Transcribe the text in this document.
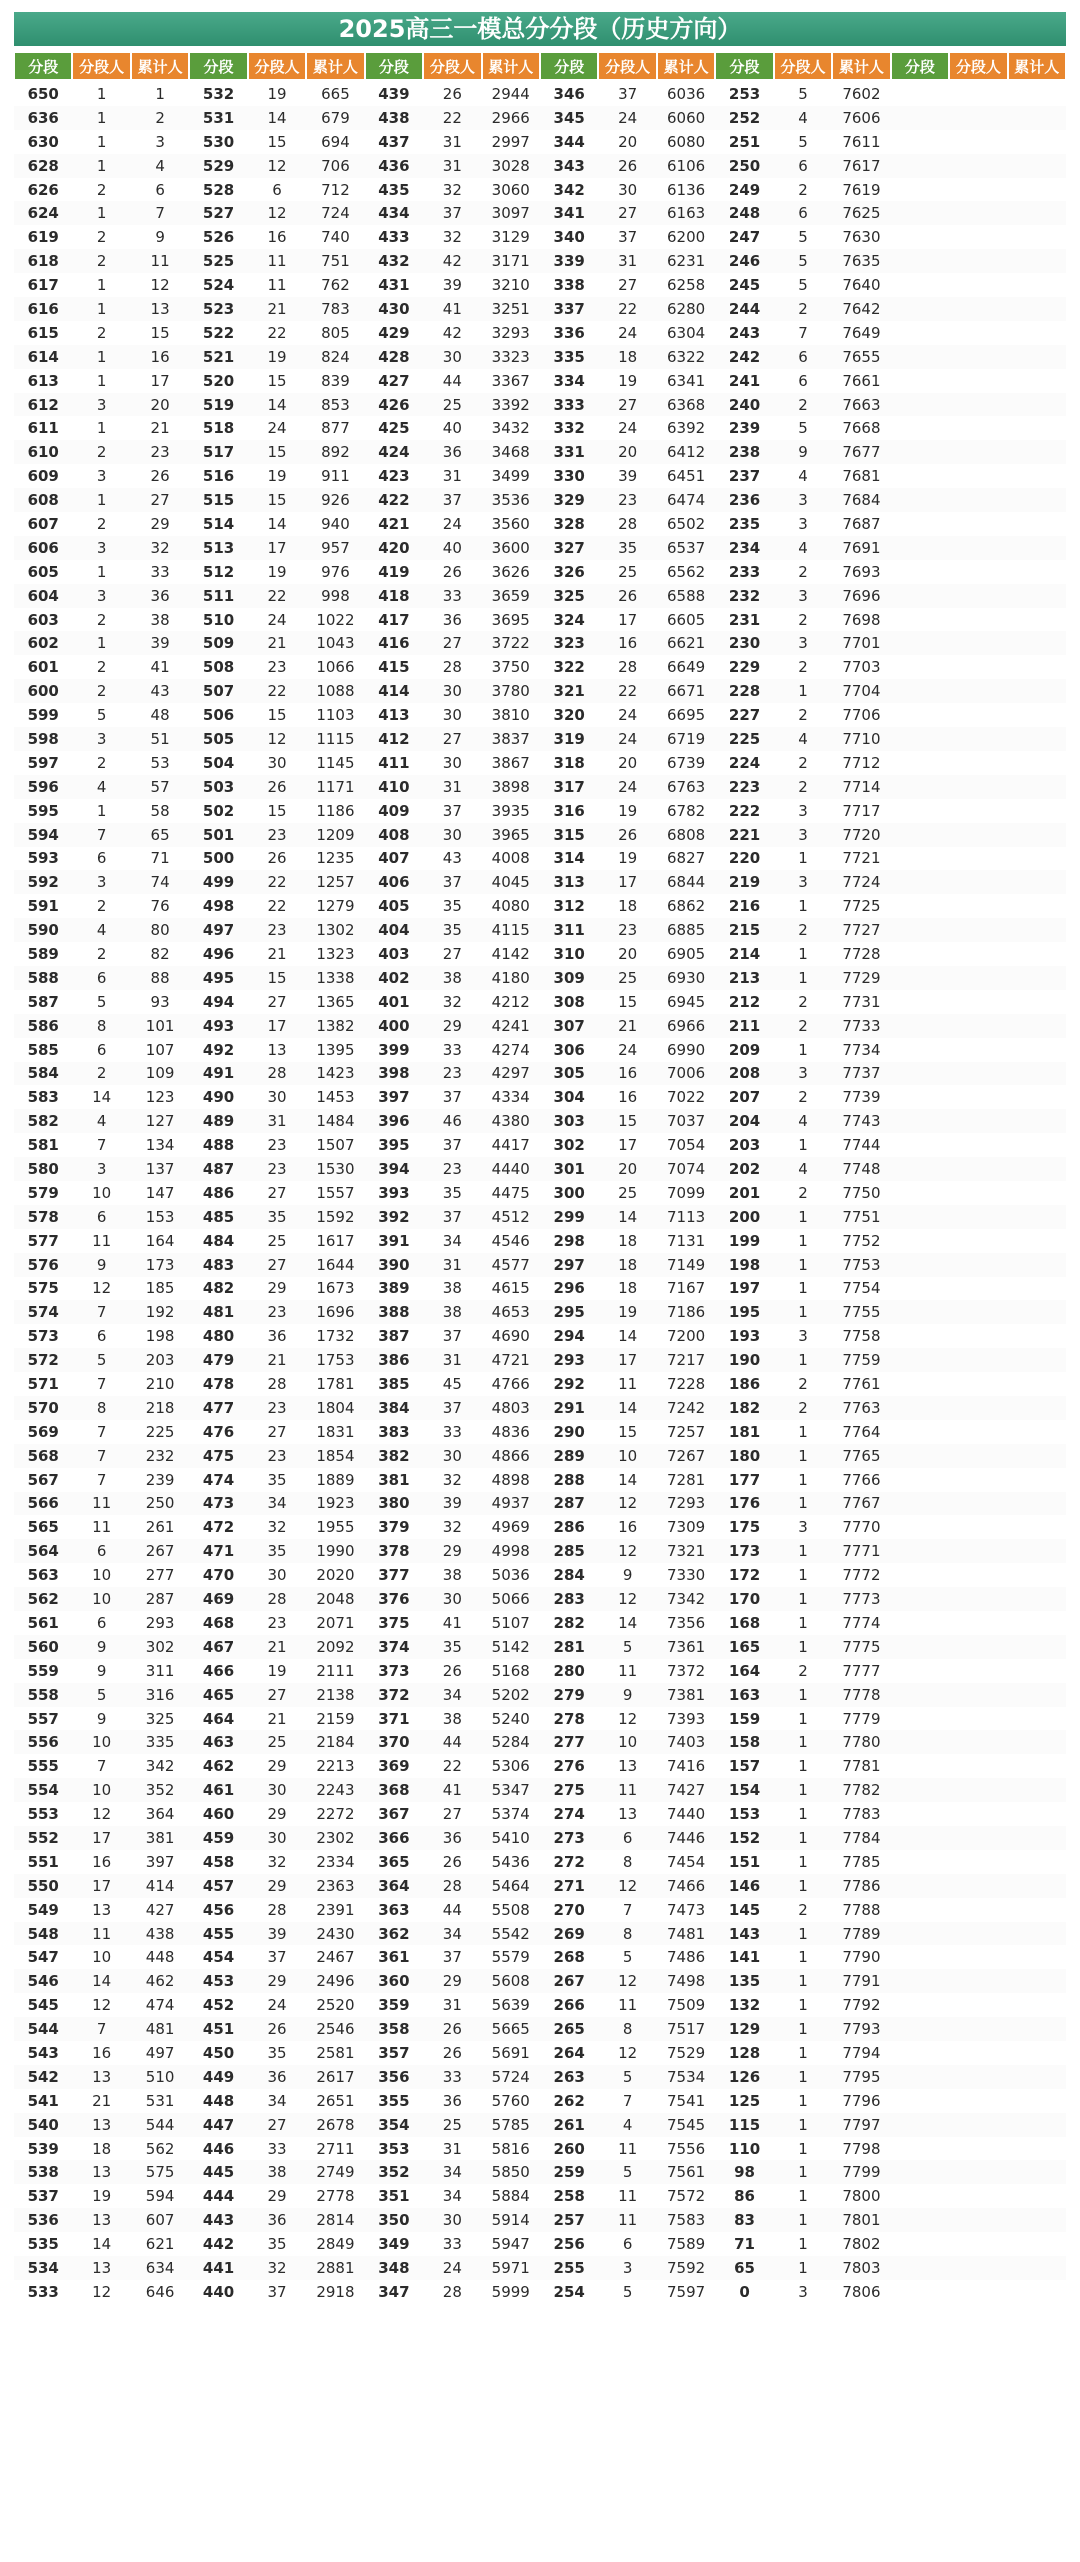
2025高三一模总分分段（历史方向）
分段	分段人 累计人	分段	分段人 累计人	分段	分段人 累计人	分段	分段人 累计人	分段	分段人 累计人	分段	分段人 累计人
650	1	1	532	19	665	439	26	2944	346	37	6036	253	5	7602
636	1	2	531	14	679	438	22	2966	345	24	6060	252	4	7606
630	1	3	530	15	694	437	31	2997	344	20	6080	251	5	7611
628	1	4	529	12	706	436	31	3028	343	26	6106	250	6	7617
626	2	6	528	6	712	435	32	3060	342	30	6136	249	2	7619
624	1	7	527	12	724	434	37	3097	341	27	6163	248	6	7625
619	2	9	526	16	740	433	32	3129	340	37	6200	247	5	7630
618	2	11	525	11	751	432	42	3171	339	31	6231	246	5	7635
617	1	12	524	11	762	431	39	3210	338	27	6258	245	5	7640
616	1	13	523	21	783	430	41	3251	337	22	6280	244	2	7642
615	2	15	522	22	805	429	42	3293	336	24	6304	243	7	7649
614	1	16	521	19	824	428	30	3323	335	18	6322	242	6	7655
613	1	17	520	15	839	427	44	3367	334	19	6341	241	6	7661
612	3	20	519	14	853	426	25	3392	333	27	6368	240	2	7663
611	1	21	518	24	877	425	40	3432	332	24	6392	239	5	7668
610	2	23	517	15	892	424	36	3468	331	20	6412	238	9	7677
609	3	26	516	19	911	423	31	3499	330	39	6451	237	4	7681
608	1	27	515	15	926	422	37	3536	329	23	6474	236	3	7684
607	2	29	514	14	940	421	24	3560	328	28	6502	235	3	7687
606	3	32	513	17	957	420	40	3600	327	35	6537	234	4	7691
605	1	33	512	19	976	419	26	3626	326	25	6562	233	2	7693
604	3	36	511	22	998	418	33	3659	325	26	6588	232	3	7696
603	2	38	510	24	1022	417	36	3695	324	17	6605	231	2	7698
602	1	39	509	21	1043	416	27	3722	323	16	6621	230	3	7701
601	2	41	508	23	1066	415	28	3750	322	28	6649	229	2	7703
600	2	43	507	22	1088	414	30	3780	321	22	6671	228	1	7704
599	5	48	506	15	1103	413	30	3810	320	24	6695	227	2	7706
598	3	51	505	12	1115	412	27	3837	319	24	6719	225	4	7710
597	2	53	504	30	1145	411	30	3867	318	20	6739	224	2	7712
596	4	57	503	26	1171	410	31	3898	317	24	6763	223	2	7714
595	1	58	502	15	1186	409	37	3935	316	19	6782	222	3	7717
594	7	65	501	23	1209	408	30	3965	315	26	6808	221	3	7720
593	6	71	500	26	1235	407	43	4008	314	19	6827	220	1	7721
592	3	74	499	22	1257	406	37	4045	313	17	6844	219	3	7724
591	2	76	498	22	1279	405	35	4080	312	18	6862	216	1	7725
590	4	80	497	23	1302	404	35	4115	311	23	6885	215	2	7727
589	2	82	496	21	1323	403	27	4142	310	20	6905	214	1	7728
588	6	88	495	15	1338	402	38	4180	309	25	6930	213	1	7729
587	5	93	494	27	1365	401	32	4212	308	15	6945	212	2	7731
586	8	101	493	17	1382	400	29	4241	307	21	6966	211	2	7733
585	6	107	492	13	1395	399	33	4274	306	24	6990	209	1	7734
584	2	109	491	28	1423	398	23	4297	305	16	7006	208	3	7737
583	14	123	490	30	1453	397	37	4334	304	16	7022	207	2	7739
582	4	127	489	31	1484	396	46	4380	303	15	7037	204	4	7743
581	7	134	488	23	1507	395	37	4417	302	17	7054	203	1	7744
580	3	137	487	23	1530	394	23	4440	301	20	7074	202	4	7748
579	10	147	486	27	1557	393	35	4475	300	25	7099	201	2	7750
578	6	153	485	35	1592	392	37	4512	299	14	7113	200	1	7751
577	11	164	484	25	1617	391	34	4546	298	18	7131	199	1	7752
576	9	173	483	27	1644	390	31	4577	297	18	7149	198	1	7753
575	12	185	482	29	1673	389	38	4615	296	18	7167	197	1	7754
574	7	192	481	23	1696	388	38	4653	295	19	7186	195	1	7755
573	6	198	480	36	1732	387	37	4690	294	14	7200	193	3	7758
572	5	203	479	21	1753	386	31	4721	293	17	7217	190	1	7759
571	7	210	478	28	1781	385	45	4766	292	11	7228	186	2	7761
570	8	218	477	23	1804	384	37	4803	291	14	7242	182	2	7763
569	7	225	476	27	1831	383	33	4836	290	15	7257	181	1	7764
568	7	232	475	23	1854	382	30	4866	289	10	7267	180	1	7765
567	7	239	474	35	1889	381	32	4898	288	14	7281	177	1	7766
566	11	250	473	34	1923	380	39	4937	287	12	7293	176	1	7767
565	11	261	472	32	1955	379	32	4969	286	16	7309	175	3	7770
564	6	267	471	35	1990	378	29	4998	285	12	7321	173	1	7771
563	10	277	470	30	2020	377	38	5036	284	9	7330	172	1	7772
562	10	287	469	28	2048	376	30	5066	283	12	7342	170	1	7773
561	6	293	468	23	2071	375	41	5107	282	14	7356	168	1	7774
560	9	302	467	21	2092	374	35	5142	281	5	7361	165	1	7775
559	9	311	466	19	2111	373	26	5168	280	11	7372	164	2	7777
558	5	316	465	27	2138	372	34	5202	279	9	7381	163	1	7778
557	9	325	464	21	2159	371	38	5240	278	12	7393	159	1	7779
556	10	335	463	25	2184	370	44	5284	277	10	7403	158	1	7780
555	7	342	462	29	2213	369	22	5306	276	13	7416	157	1	7781
554	10	352	461	30	2243	368	41	5347	275	11	7427	154	1	7782
553	12	364	460	29	2272	367	27	5374	274	13	7440	153	1	7783
552	17	381	459	30	2302	366	36	5410	273	6	7446	152	1	7784
551	16	397	458	32	2334	365	26	5436	272	8	7454	151	1	7785
550	17	414	457	29	2363	364	28	5464	271	12	7466	146	1	7786
549	13	427	456	28	2391	363	44	5508	270	7	7473	145	2	7788
548	11	438	455	39	2430	362	34	5542	269	8	7481	143	1	7789
547	10	448	454	37	2467	361	37	5579	268	5	7486	141	1	7790
546	14	462	453	29	2496	360	29	5608	267	12	7498	135	1	7791
545	12	474	452	24	2520	359	31	5639	266	11	7509	132	1	7792
544	7	481	451	26	2546	358	26	5665	265	8	7517	129	1	7793
543	16	497	450	35	2581	357	26	5691	264	12	7529	128	1	7794
542	13	510	449	36	2617	356	33	5724	263	5	7534	126	1	7795
541	21	531	448	34	2651	355	36	5760	262	7	7541	125	1	7796
540	13	544	447	27	2678	354	25	5785	261	4	7545	115	1	7797
539	18	562	446	33	2711	353	31	5816	260	11	7556	110	1	7798
538	13	575	445	38	2749	352	34	5850	259	5	7561	98	1	7799
537	19	594	444	29	2778	351	34	5884	258	11	7572	86	1	7800
536	13	607	443	36	2814	350	30	5914	257	11	7583	83	1	7801
535	14	621	442	35	2849	349	33	5947	256	6	7589	71	1	7802
534	13	634	441	32	2881	348	24	5971	255	3	7592	65	1	7803
533	12	646	440	37	2918	347	28	5999	254	5	7597	0	3	7806
